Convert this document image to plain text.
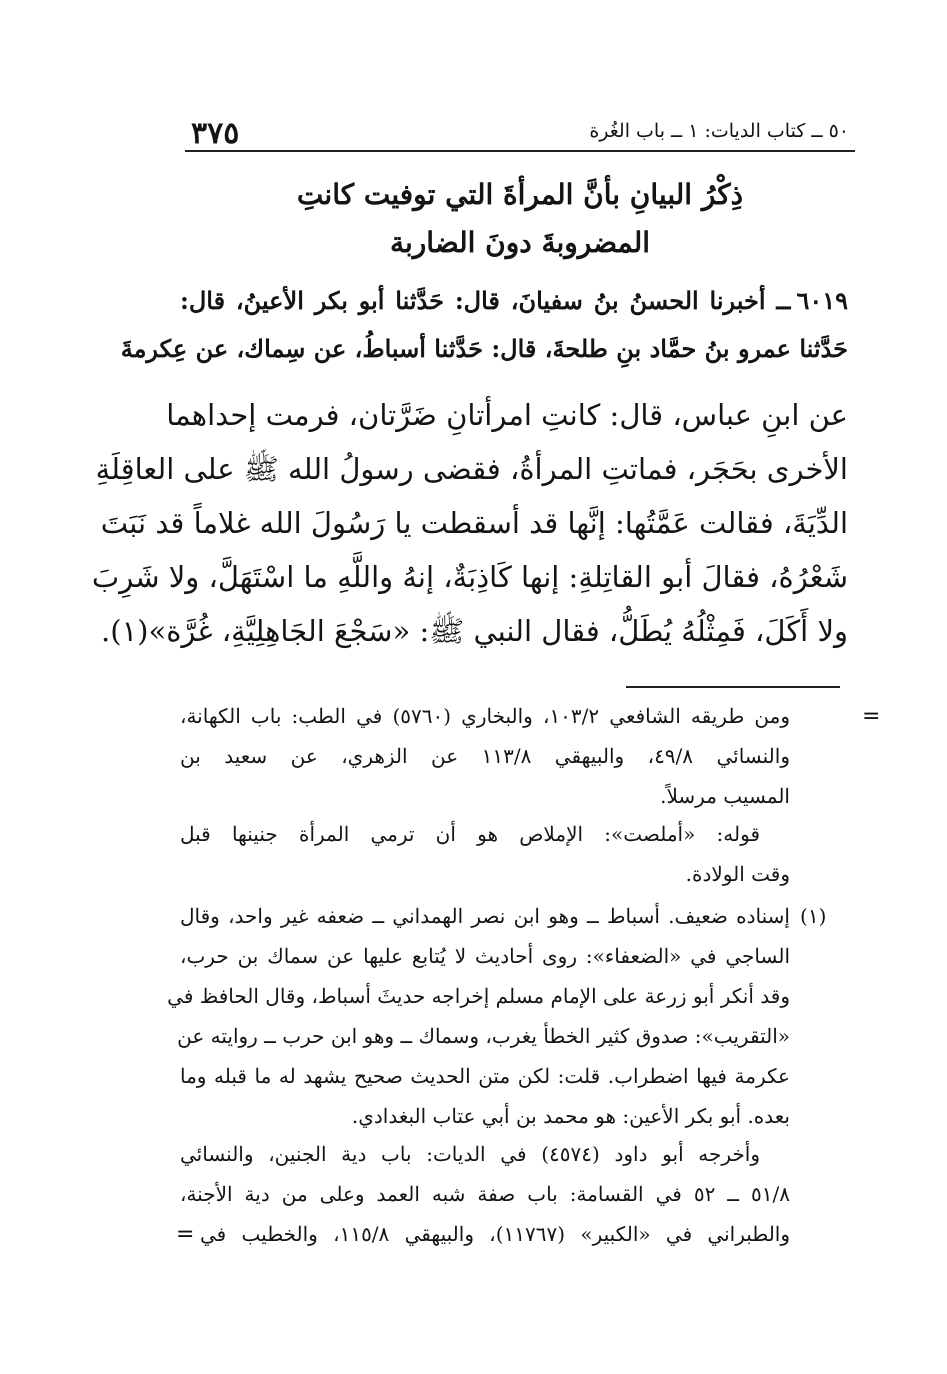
٣٧٥	٥٠ ــ كتاب الديات: ١ ــ باب الغُرة
ذِكْرُ البيانِ بأنَّ المرأةَ التي توفيت كانتِ
المضروبةَ دونَ الضاربة
٦٠١٩ــ أخبرنا الحسنُ بنُ سفيانَ، قال: حَدَّثنا أبو بكر الأعينُ، قال:
حَدَّثنا عمرو بنُ حمَّاد بنِ طلحةَ، قال: حَدَّثنا أسباطُ، عن سِماك، عن عِكرمةَ
عن ابنِ عباس، قال: كانتِ امرأتانِ ضَرَّتان، فرمت إحداهما
الأخرى بحَجَر، فماتتِ المرأةُ، فقضى رسولُ الله ﷺ على العاقِلَةِ
الدِّيَةَ، فقالت عَمَّتُها: إنَّها قد أسقطت يا رَسُولَ الله غلاماً قد نَبَتَ
شَعْرُهُ، فقالَ أبو القاتِلةِ: إنها كَاذِبَةٌ، إنهُ واللَّهِ ما اسْتَهَلَّ، ولا شَرِبَ
ولا أَكَلَ، فَمِثْلُهُ يُطَلُّ، فقال النبي ﷺ: «سَجْعَ الجَاهِلِيَّةِ، غُرَّة»(١).
=
ومن طريقه الشافعي ١٠٣/٢، والبخاري (٥٧٦٠) في الطب: باب الكهانة،
والنسائي ٤٩/٨، والبيهقي ١١٣/٨ عن الزهري، عن سعيد بن
المسيب مرسلاً.
قوله: «أملصت»: الإملاص هو أن ترمي المرأة جنينها قبل
وقت الولادة.
(١)
إسناده ضعيف. أسباط ــ وهو ابن نصر الهمداني ــ ضعفه غير واحد، وقال
الساجي في «الضعفاء»: روى أحاديث لا يُتابع عليها عن سماك بن حرب،
وقد أنكر أبو زرعة على الإمام مسلم إخراجه حديثَ أسباط، وقال الحافظ في
«التقريب»: صدوق كثير الخطأ يغرب، وسماك ــ وهو ابن حرب ــ روايته عن
عكرمة فيها اضطراب. قلت: لكن متن الحديث صحيح يشهد له ما قبله وما
بعده. أبو بكر الأعين: هو محمد بن أبي عتاب البغدادي.
وأخرجه أبو داود (٤٥٧٤) في الديات: باب دية الجنين، والنسائي
٥١/٨ ــ ٥٢ في القسامة: باب صفة شبه العمد وعلى من دية الأجنة،
والطبراني في «الكبير» (١١٧٦٧)، والبيهقي ١١٥/٨، والخطيب في
=
